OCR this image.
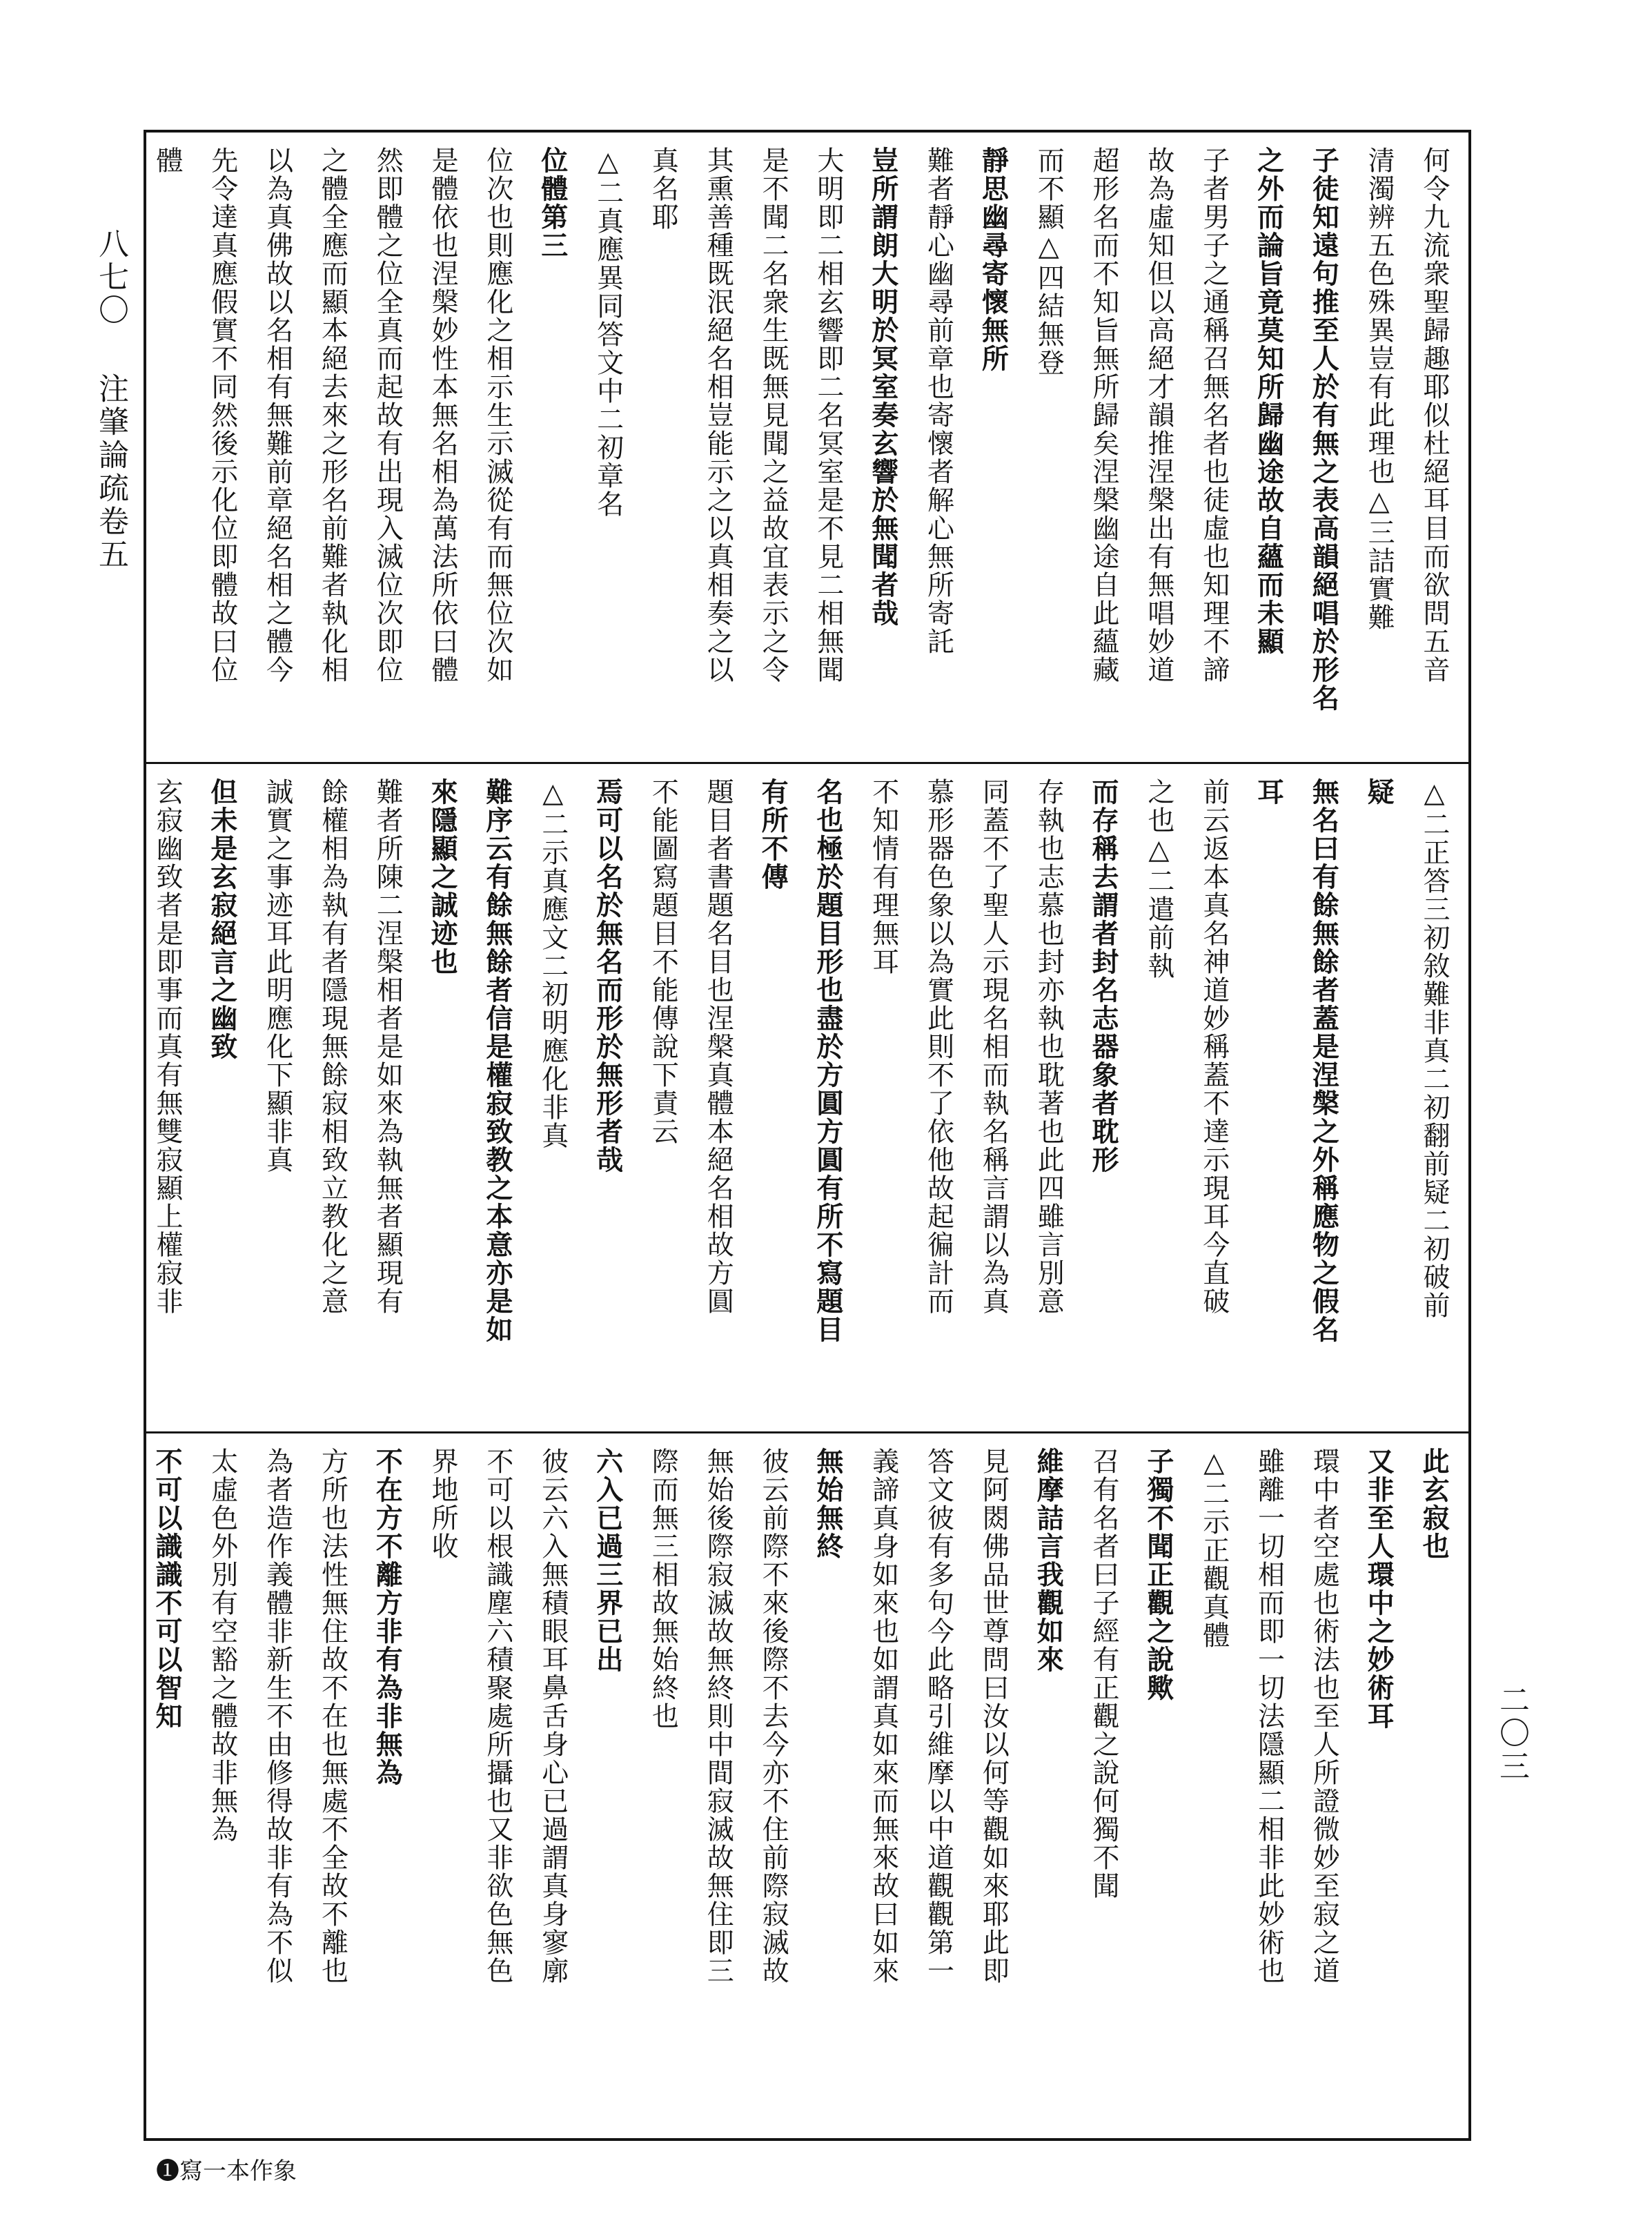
八七〇
注肇論疏卷五
二〇三
何令九流衆聖歸趣耶似杜絕耳目而欲問五音
清濁辨五色殊異豈有此理也△三詰實難
子徒知遠句推至人於有無之表高韻絕唱於形名
之外而論旨竟莫知所歸幽途故自蘊而未顯
子者男子之通稱召無名者也徒虛也知理不諦
故為虛知但以高絕才韻推涅槃出有無唱妙道
超形名而不知旨無所歸矣涅槃幽途自此蘊藏
而不顯△四結無登
靜思幽尋寄懷無所
難者靜心幽尋前章也寄懷者解心無所寄託
豈所謂朗大明於冥室奏玄響於無聞者哉
大明即二相玄響即二名冥室是不見二相無聞
是不聞二名衆生既無見聞之益故宜表示之令
其熏善種既泯絕名相豈能示之以真相奏之以
真名耶
△二真應異同答文中二初章名
位體第三
位次也則應化之相示生示滅從有而無位次如
是體依也涅槃妙性本無名相為萬法所依曰體
然即體之位全真而起故有出現入滅位次即位
之體全應而顯本絕去來之形名前難者執化相
以為真佛故以名相有無難前章絕名相之體今
先令達真應假實不同然後示化位即體故曰位
體
△二正答三初敘難非真二初翻前疑二初破前
疑
無名曰有餘無餘者蓋是涅槃之外稱應物之假名
耳
前云返本真名神道妙稱蓋不達示現耳今直破
之也△二遣前執
而存稱去謂者封名志器象者耽形
存執也志慕也封亦執也耽著也此四雖言別意
同蓋不了聖人示現名相而執名稱言謂以為真
慕形器色象以為實此則不了依他故起徧計而
不知情有理無耳
名也極於題目形也盡於方圓方圓有所不寫題目
有所不傳
題目者書題名目也涅槃真體本絕名相故方圓
不能圖寫題目不能傳說下責云
焉可以名於無名而形於無形者哉
△二示真應文二初明應化非真
難序云有餘無餘者信是權寂致教之本意亦是如
來隱顯之誠迹也
難者所陳二涅槃相者是如來為執無者顯現有
餘權相為執有者隱現無餘寂相致立教化之意
誠實之事迹耳此明應化下顯非真
但未是玄寂絕言之幽致
玄寂幽致者是即事而真有無雙寂顯上權寂非
此玄寂也
又非至人環中之妙術耳
環中者空處也術法也至人所證微妙至寂之道
雖離一切相而即一切法隱顯二相非此妙術也
△二示正觀真體
子獨不聞正觀之說歟
召有名者曰子經有正觀之說何獨不聞
維摩詰言我觀如來
見阿閦佛品世尊問曰汝以何等觀如來耶此即
答文彼有多句今此略引維摩以中道觀觀第一
義諦真身如來也如謂真如來而無來故曰如來
無始無終
彼云前際不來後際不去今亦不住前際寂滅故
無始後際寂滅故無終則中間寂滅故無住即三
際而無三相故無始終也
六入已過三界已出
彼云六入無積眼耳鼻舌身心已過謂真身寥廓
不可以根識塵六積聚處所攝也又非欲色無色
界地所收
不在方不離方非有為非無為
方所也法性無住故不在也無處不全故不離也
為者造作義體非新生不由修得故非有為不似
太虛色外別有空豁之體故非無為
不可以識識不可以智知
❶寫一本作象
